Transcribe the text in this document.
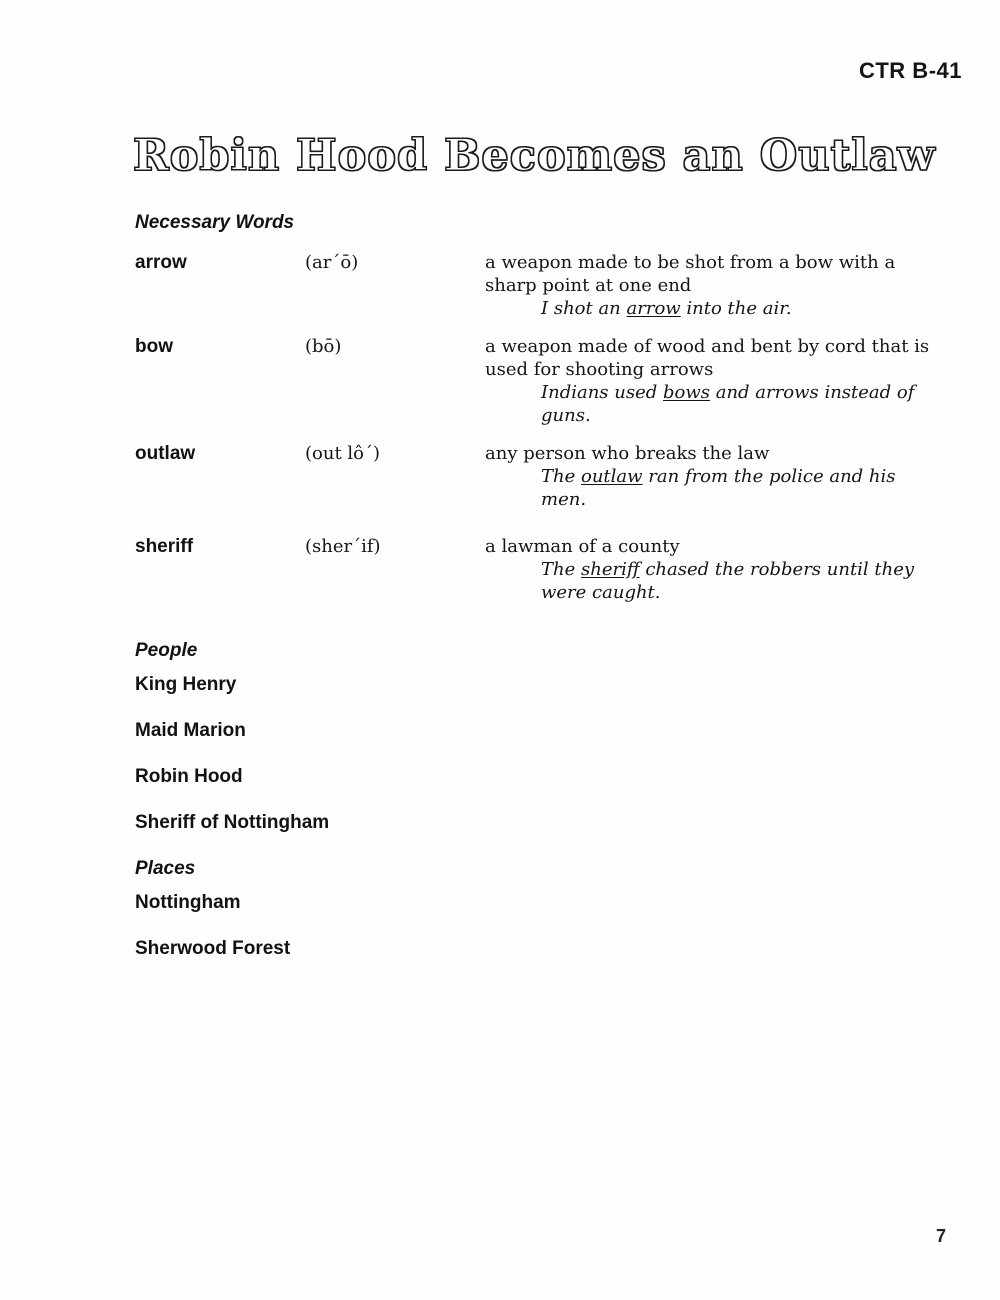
CTR B-41
Robin Hood Becomes an Outlaw
Necessary Words
arrow	(ar´ō)	a weapon made to be shot from a bow with a sharp point at one end
I shot an arrow into the air.
bow	(bō)	a weapon made of wood and bent by cord that is used for shooting arrows
Indians used bows and arrows instead of guns.
outlaw	(out lô´)	any person who breaks the law
The outlaw ran from the police and his men.
sheriff	(sher´if)	a lawman of a county
The sheriff chased the robbers until they were caught.
People
King Henry
Maid Marion
Robin Hood
Sheriff of Nottingham
Places
Nottingham
Sherwood Forest
7
